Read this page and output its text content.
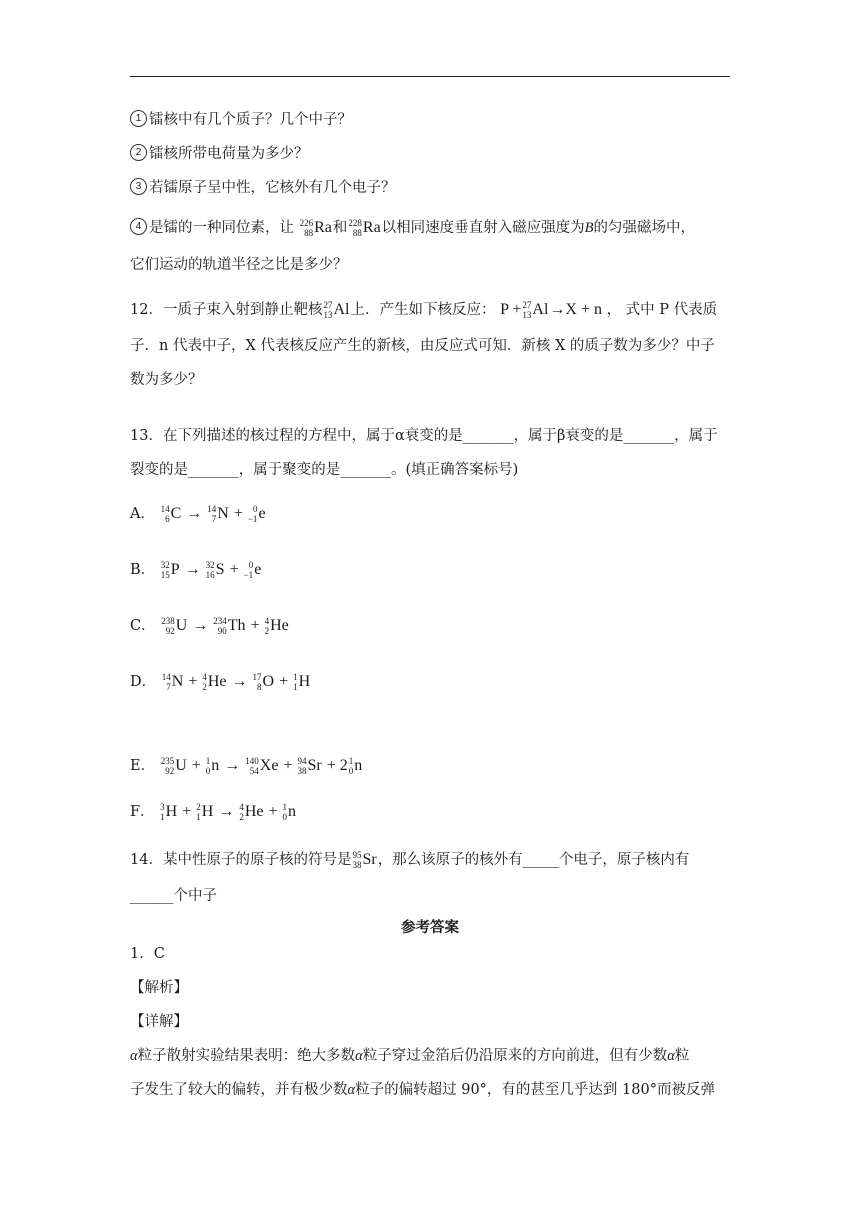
1 镭核中有几个质子？几个中子？
2 镭核所带电荷量为多少？
3 若镭原子呈中性，它核外有几个电子？
4 是镭的一种同位素，让 226
88 Ra 和 228
88 Ra 以相同速度垂直射入磁应强度为B的匀强磁场中，
它们运动的轨道半径之比是多少？
12．一质子束入射到静止靶核 27
13 Al 上．产生如下核反应： P + 27
13 Al →X + n ， 式中 P 代表质
子．n 代表中子，X 代表核反应产生的新核，由反应式可知．新核 X 的质子数为多少？中子
数为多少？
13．在下列描述的核过程的方程中，属于α衰变的是_______，属于β衰变的是_______，属于
裂变的是_______，属于聚变的是_______。(填正确答案标号)
A． 14
6 C → 14
7 N + 0
−1 e
B． 32
15 P → 32
16 S + 0
−1 e
C． 238
92 U → 234
90 Th + 4
2 He
D． 14
7 N + 4
2 He → 17
8 O + 1
1 H
E． 235
92 U + 1
0 n → 140
54 Xe + 94
38 Sr + 2 1
0 n
F． 3
1 H + 2
1 H → 4
2 He + 1
0 n
14．某中性原子的原子核的符号是 95
38 Sr ，那么该原子的核外有_____个电子，原子核内有
______个中子
参考答案
1．C
【解析】
【详解】
α粒子散射实验结果表明：绝大多数α粒子穿过金箔后仍沿原来的方向前进，但有少数α粒
子发生了较大的偏转，并有极少数α粒子的偏转超过 90°，有的甚至几乎达到 180°而被反弹
